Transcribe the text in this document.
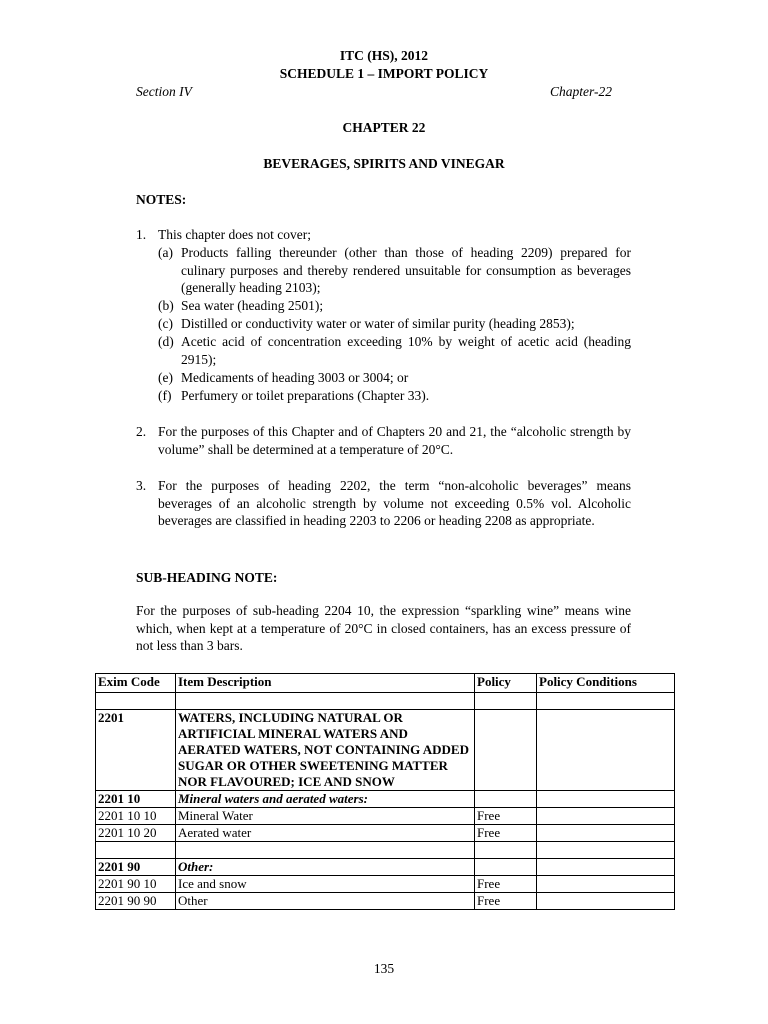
ITC (HS), 2012
SCHEDULE 1 – IMPORT POLICY
Section IV	Chapter-22
CHAPTER 22
BEVERAGES, SPIRITS AND VINEGAR
NOTES:
1. This chapter does not cover;
(a) Products falling thereunder (other than those of heading 2209) prepared for culinary purposes and thereby rendered unsuitable for consumption as beverages (generally heading 2103);
(b) Sea water (heading 2501);
(c) Distilled or conductivity water or water of similar purity (heading 2853);
(d) Acetic acid of concentration exceeding 10% by weight of acetic acid (heading 2915);
(e) Medicaments of heading 3003 or 3004; or
(f) Perfumery or toilet preparations (Chapter 33).
2. For the purposes of this Chapter and of Chapters 20 and 21, the “alcoholic strength by volume” shall be determined at a temperature of 20°C.
3. For the purposes of heading 2202, the term “non-alcoholic beverages” means beverages of an alcoholic strength by volume not exceeding 0.5% vol. Alcoholic beverages are classified in heading 2203 to 2206 or heading 2208 as appropriate.
SUB-HEADING NOTE:
For the purposes of sub-heading 2204 10, the expression “sparkling wine” means wine which, when kept at a temperature of 20°C in closed containers, has an excess pressure of not less than 3 bars.
Exim Code	Item Description	Policy	Policy Conditions

2201	WATERS, INCLUDING NATURAL OR ARTIFICIAL MINERAL WATERS AND AERATED WATERS, NOT CONTAINING ADDED SUGAR OR OTHER SWEETENING MATTER NOR FLAVOURED; ICE AND SNOW		
2201 10	Mineral waters and aerated waters:		
2201 10 10	Mineral Water	Free	
2201 10 20	Aerated water	Free	

2201 90	Other:		
2201 90 10	Ice and snow	Free	
2201 90 90	Other	Free	
135
